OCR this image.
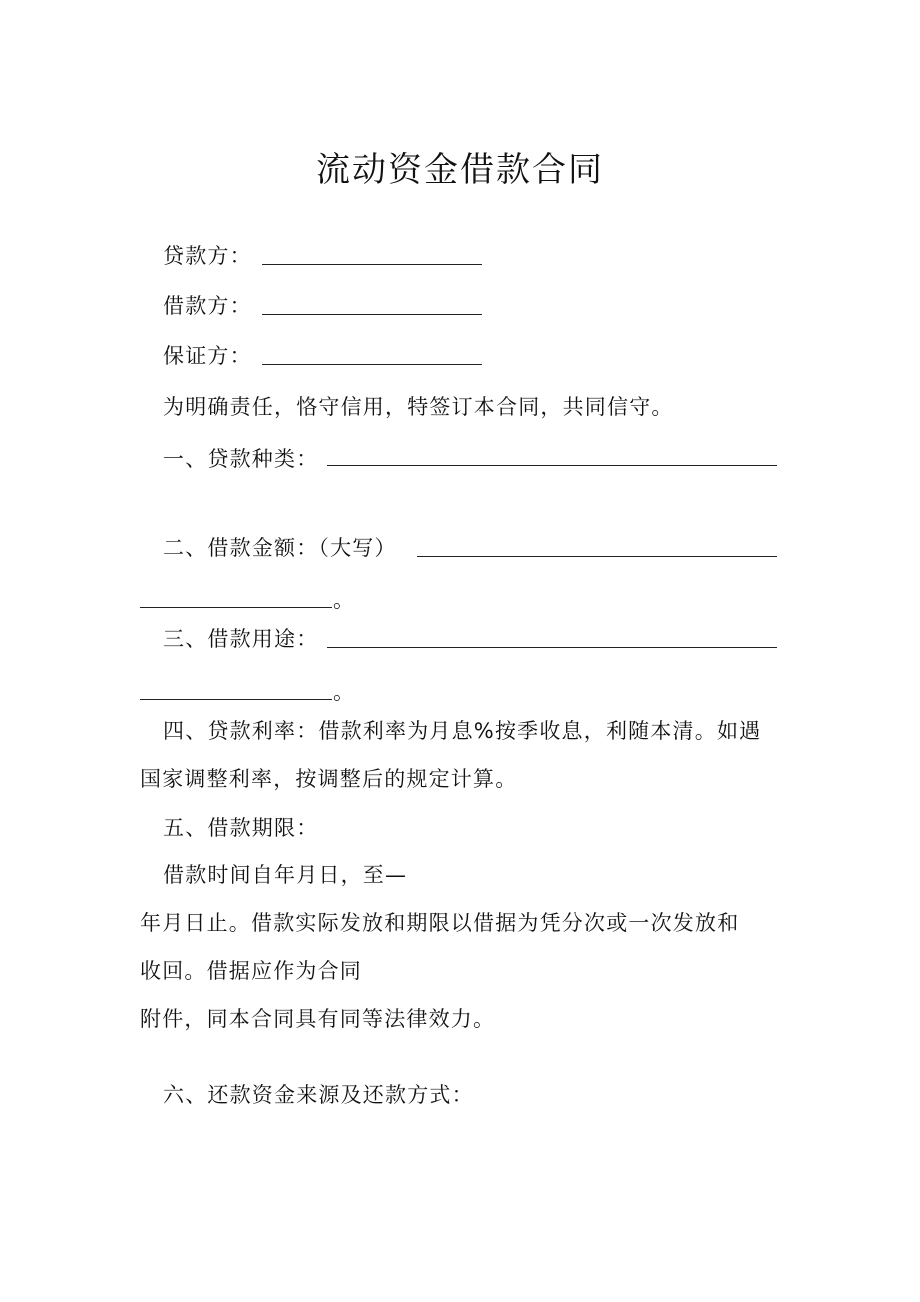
流动资金借款合同
贷款方：
借款方：
保证方：
为明确责任，恪守信用，特签订本合同，共同信守。
一、贷款种类：
二、借款金额：（大写）
。
三、借款用途：
。
四、贷款利率：借款利率为月息%按季收息，利随本清。如遇
国家调整利率，按调整后的规定计算。
五、借款期限：
借款时间自年月日，至—
年月日止。借款实际发放和期限以借据为凭分次或一次发放和
收回。借据应作为合同
附件，同本合同具有同等法律效力。
六、还款资金来源及还款方式：
